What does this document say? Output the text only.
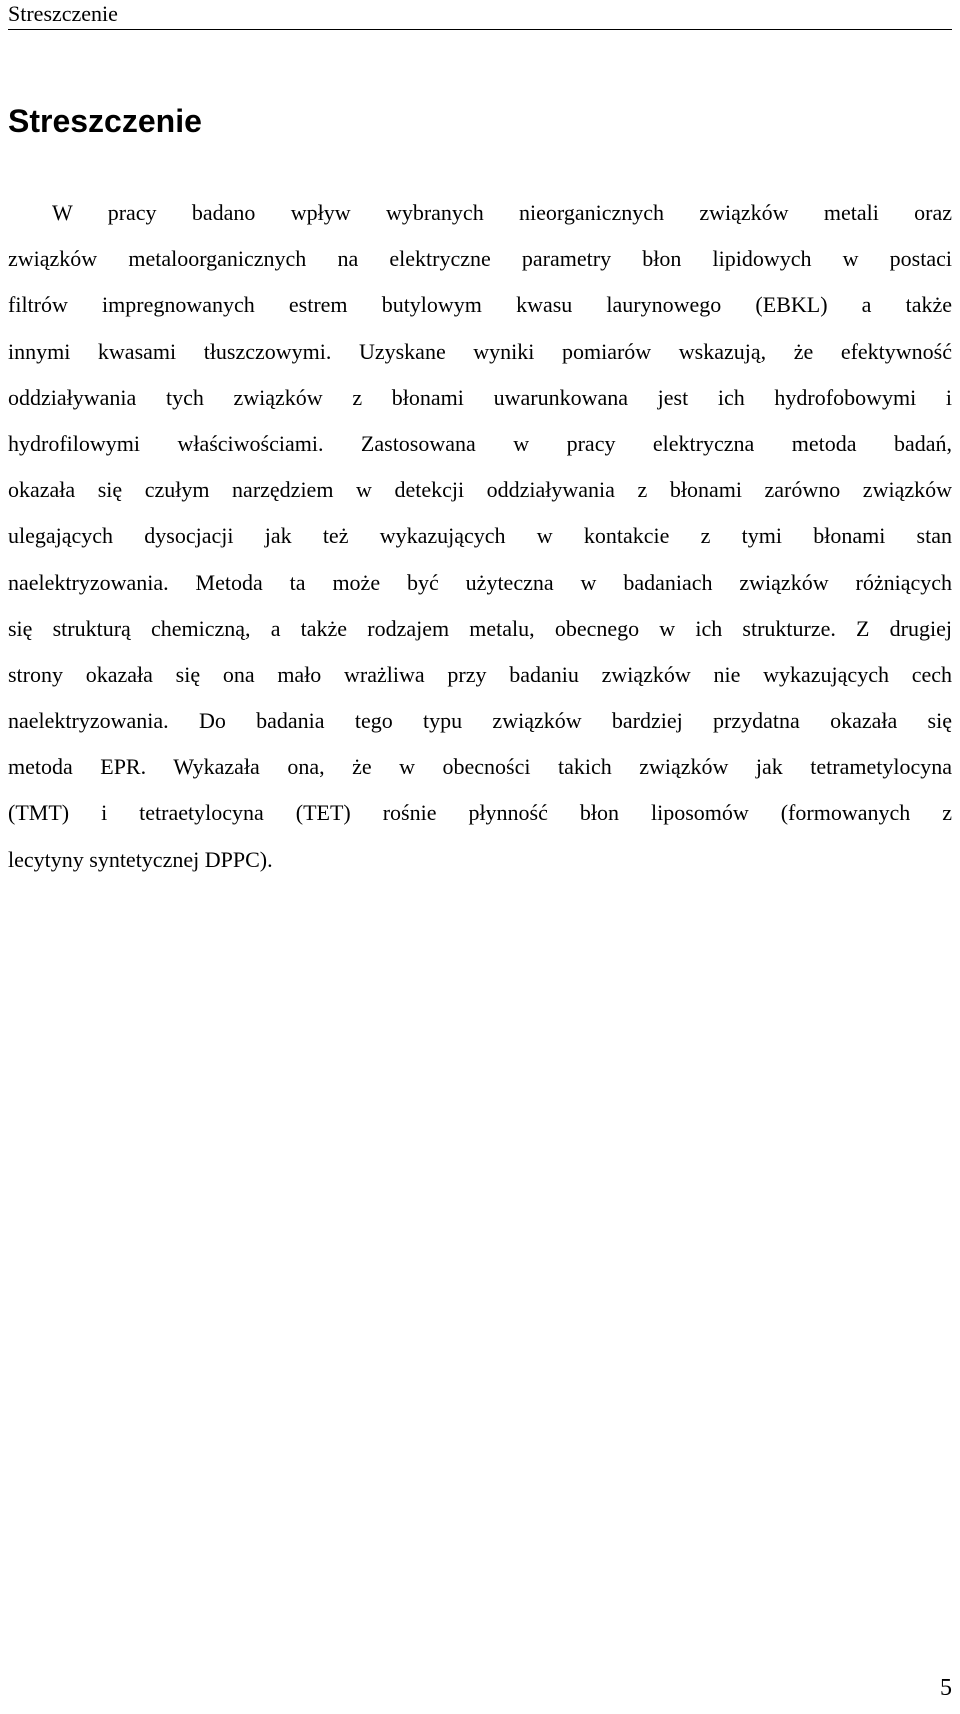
Streszczenie
Streszczenie
W pracy badano wpływ wybranych nieorganicznych związków metali oraz
związków metaloorganicznych na elektryczne parametry błon lipidowych w postaci
filtrów impregnowanych estrem butylowym kwasu laurynowego (EBKL) a także
innymi kwasami tłuszczowymi. Uzyskane wyniki pomiarów wskazują, że efektywność
oddziaływania tych związków z błonami uwarunkowana jest ich hydrofobowymi i
hydrofilowymi właściwościami. Zastosowana w pracy elektryczna metoda badań,
okazała się czułym narzędziem w detekcji oddziaływania z błonami zarówno związków
ulegających dysocjacji jak też wykazujących w kontakcie z tymi błonami stan
naelektryzowania. Metoda ta może być użyteczna w badaniach związków różniących
się strukturą chemiczną, a także rodzajem metalu, obecnego w ich strukturze. Z drugiej
strony okazała się ona mało wrażliwa przy badaniu związków nie wykazujących cech
naelektryzowania. Do badania tego typu związków bardziej przydatna okazała się
metoda EPR. Wykazała ona, że w obecności takich związków jak tetrametylocyna
(TMT) i tetraetylocyna (TET) rośnie płynność błon liposomów (formowanych z
lecytyny syntetycznej DPPC).
5
